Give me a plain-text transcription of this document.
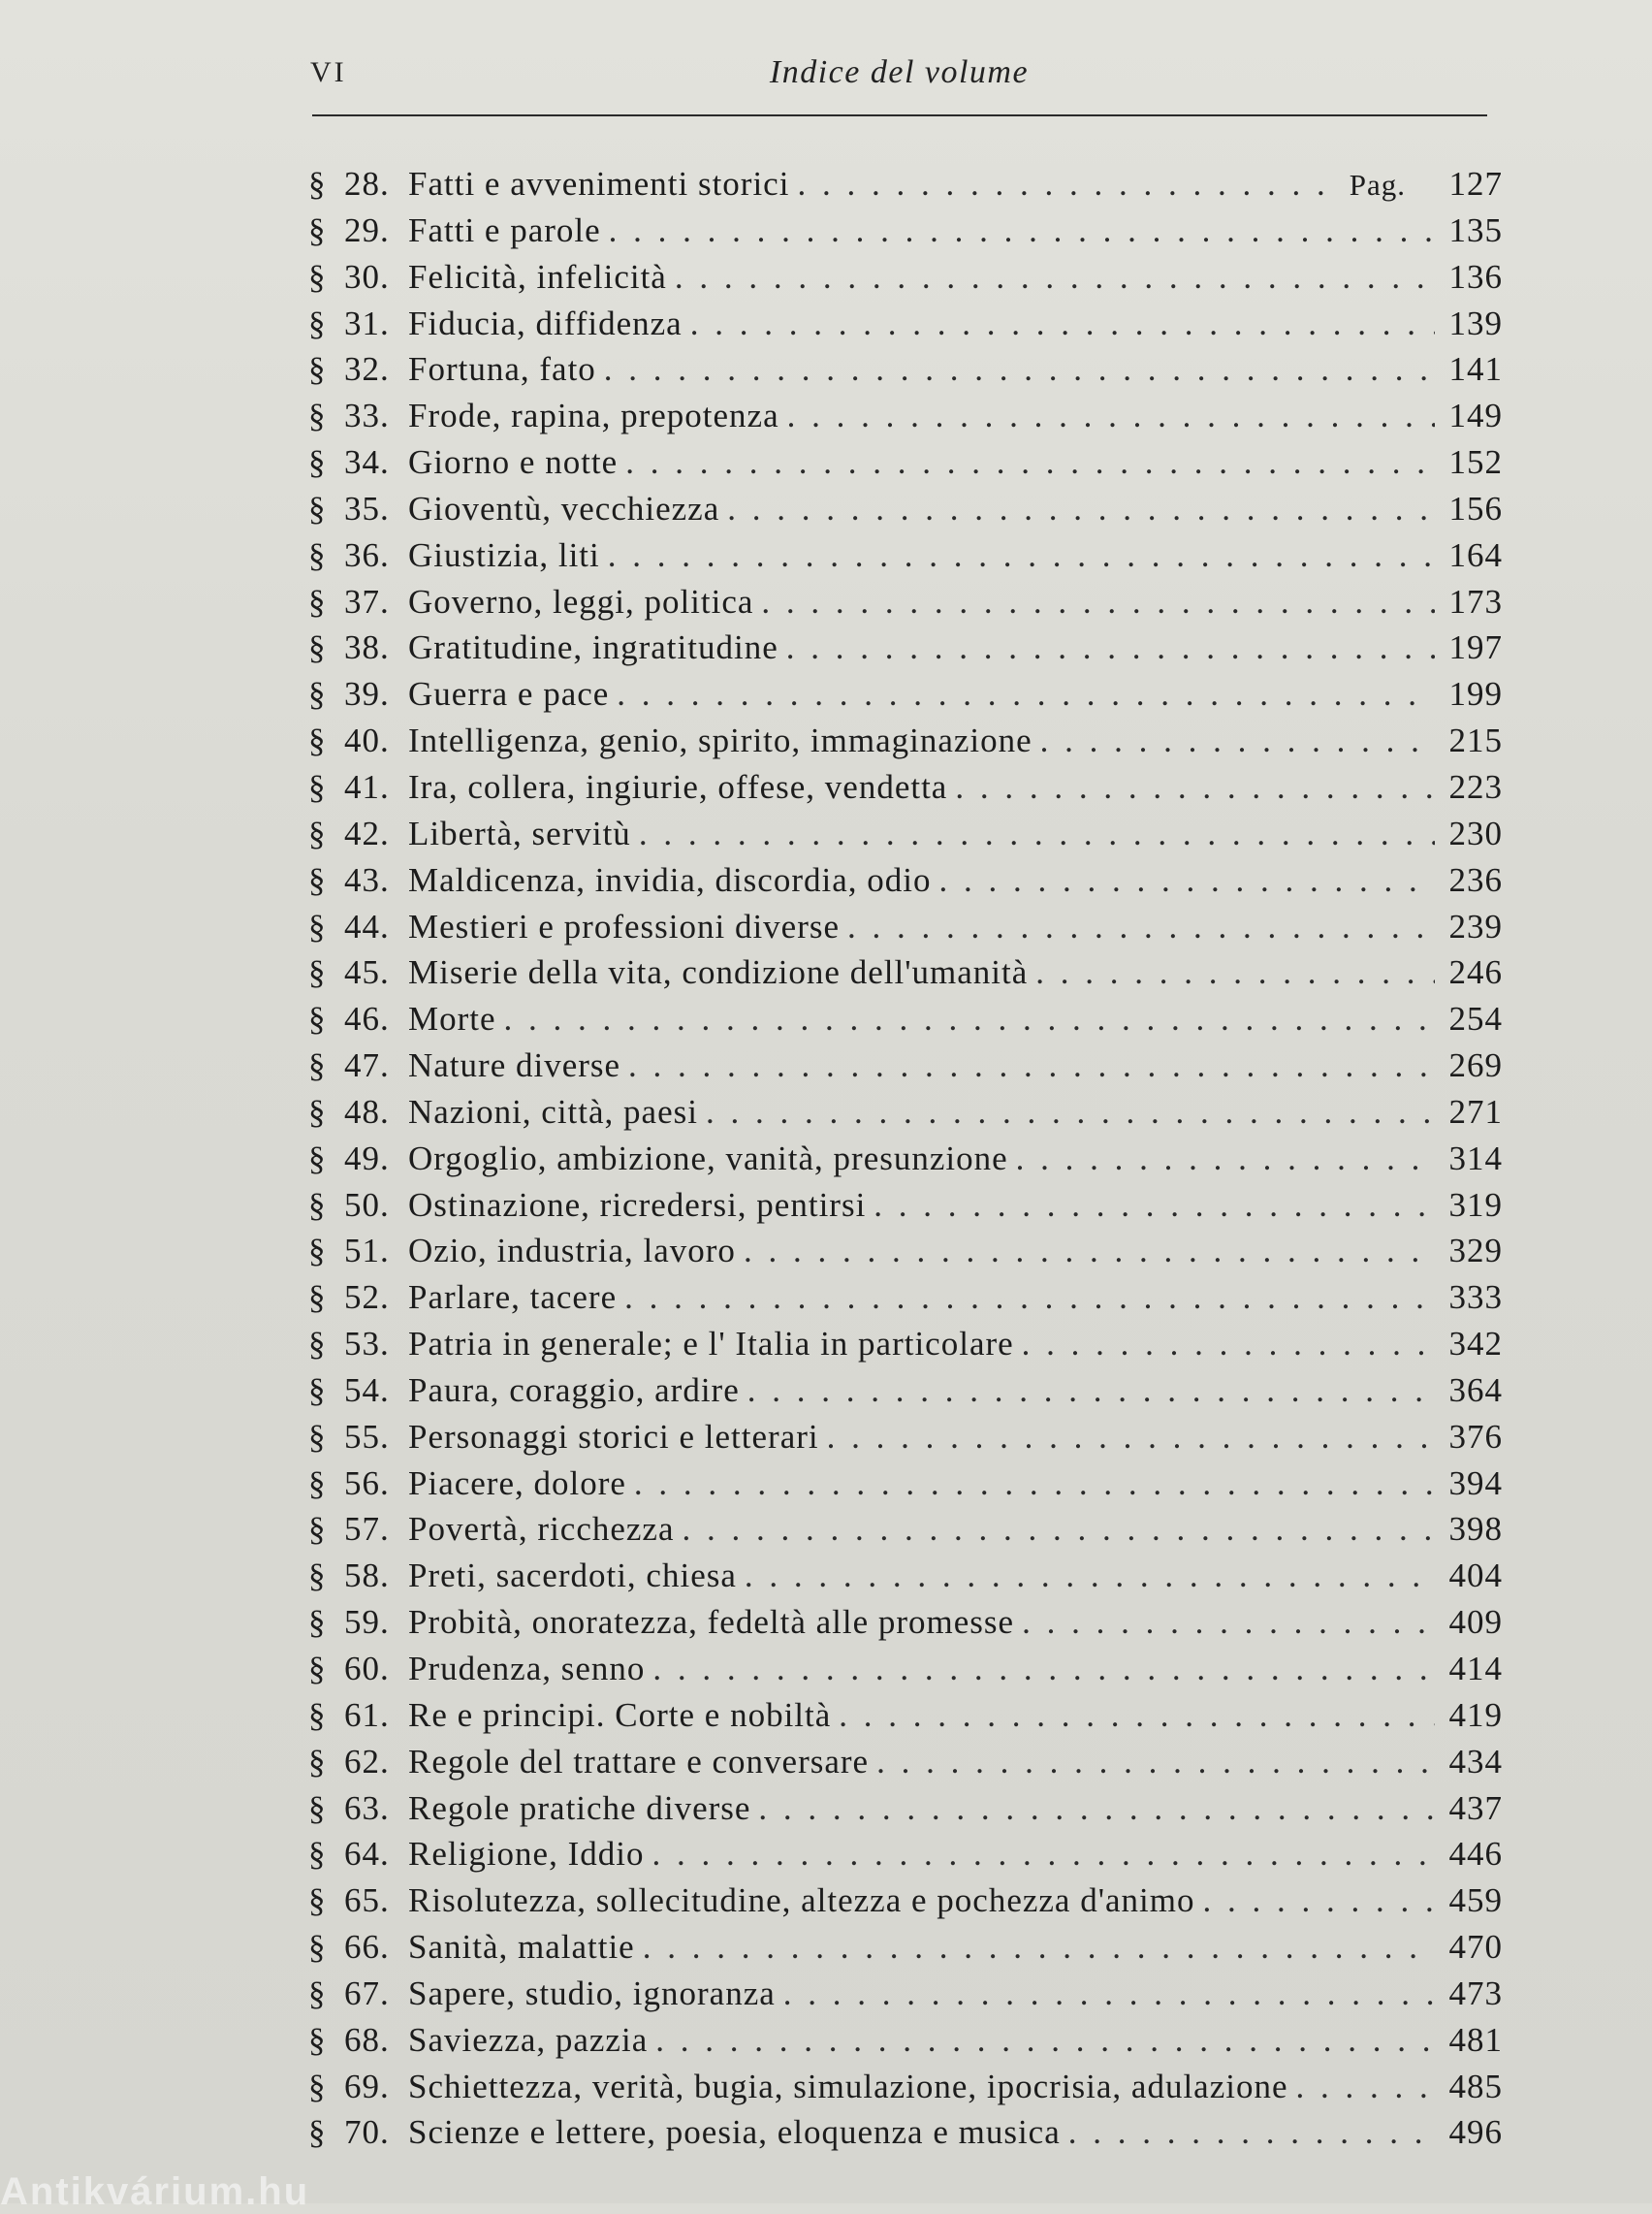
VI	Indice del volume
§ 28. Fatti e avvenimenti storici . . .	Pag.	127
§ 29. Fatti e parole . . .	135
§ 30. Felicità, infelicità . . .	136
§ 31. Fiducia, diffidenza . . .	139
§ 32. Fortuna, fato . . .	141
§ 33. Frode, rapina, prepotenza . . .	149
§ 34. Giorno e notte . . .	152
§ 35. Gioventù, vecchiezza . . .	156
§ 36. Giustizia, liti . . .	164
§ 37. Governo, leggi, politica . . .	173
§ 38. Gratitudine, ingratitudine . . .	197
§ 39. Guerra e pace . . .	199
§ 40. Intelligenza, genio, spirito, immaginazione . . .	215
§ 41. Ira, collera, ingiurie, offese, vendetta . . .	223
§ 42. Libertà, servitù . . .	230
§ 43. Maldicenza, invidia, discordia, odio . . .	236
§ 44. Mestieri e professioni diverse . . .	239
§ 45. Miserie della vita, condizione dell'umanità . . .	246
§ 46. Morte . . .	254
§ 47. Nature diverse . . .	269
§ 48. Nazioni, città, paesi . . .	271
§ 49. Orgoglio, ambizione, vanità, presunzione . . .	314
§ 50. Ostinazione, ricredersi, pentirsi . . .	319
§ 51. Ozio, industria, lavoro . . .	329
§ 52. Parlare, tacere . . .	333
§ 53. Patria in generale; e l' Italia in particolare . . .	342
§ 54. Paura, coraggio, ardire . . .	364
§ 55. Personaggi storici e letterari . . .	376
§ 56. Piacere, dolore . . .	394
§ 57. Povertà, ricchezza . . .	398
§ 58. Preti, sacerdoti, chiesa . . .	404
§ 59. Probità, onoratezza, fedeltà alle promesse . . .	409
§ 60. Prudenza, senno . . .	414
§ 61. Re e principi. Corte e nobiltà . . .	419
§ 62. Regole del trattare e conversare . . .	434
§ 63. Regole pratiche diverse . . .	437
§ 64. Religione, Iddio . . .	446
§ 65. Risolutezza, sollecitudine, altezza e pochezza d'animo . . .	459
§ 66. Sanità, malattie . . .	470
§ 67. Sapere, studio, ignoranza . . .	473
§ 68. Saviezza, pazzia . . .	481
§ 69. Schiettezza, verità, bugia, simulazione, ipocrisia, adulazione . . .	485
§ 70. Scienze e lettere, poesia, eloquenza e musica . . .	496
Antikvárium.hu
